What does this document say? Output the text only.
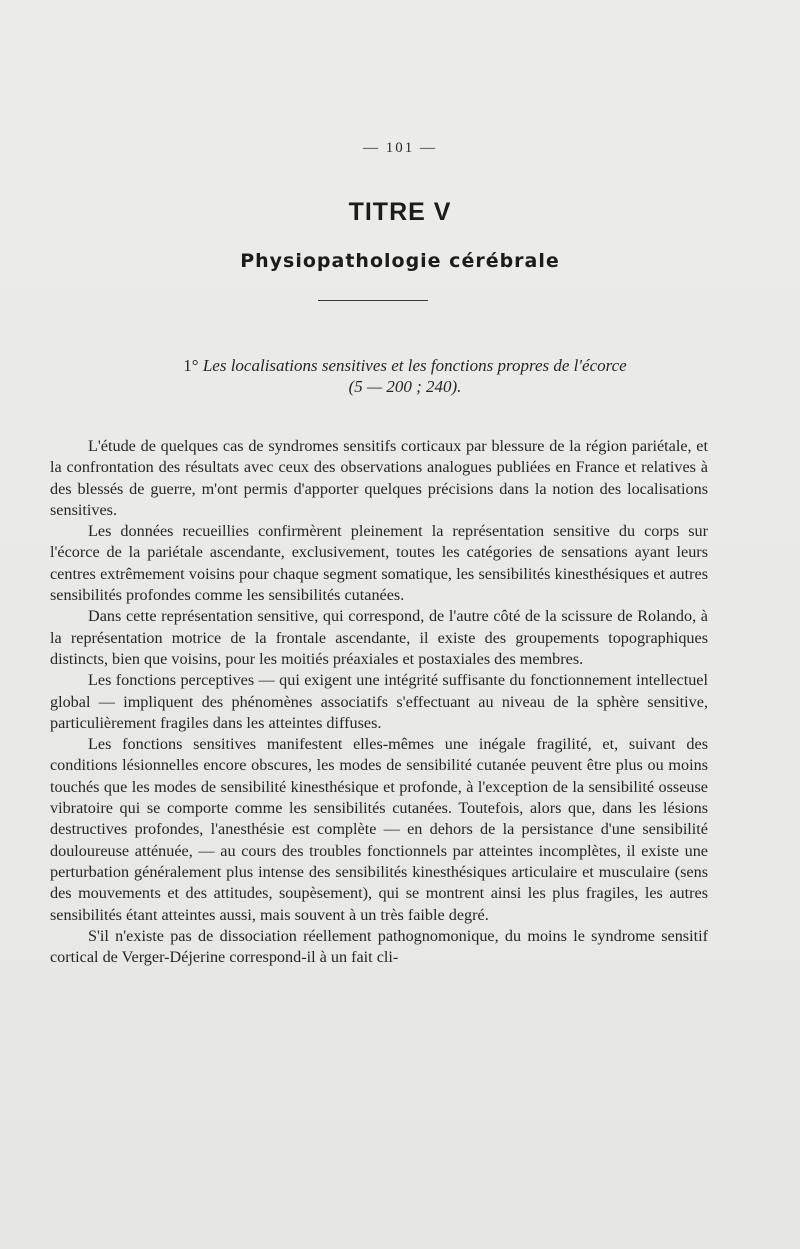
— 101 —
TITRE V
Physiopathologie cérébrale
1° Les localisations sensitives et les fonctions propres de l'écorce
(5 — 200 ; 240).

L'étude de quelques cas de syndromes sensitifs corticaux par blessure de la région pariétale, et la confrontation des résultats avec ceux des observations analogues publiées en France et relatives à des blessés de guerre, m'ont permis d'apporter quelques précisions dans la notion des localisations sensitives.

Les données recueillies confirmèrent pleinement la représentation sensitive du corps sur l'écorce de la pariétale ascendante, exclusivement, toutes les catégories de sensations ayant leurs centres extrêmement voisins pour chaque segment somatique, les sensibilités kinesthésiques et autres sensibilités profondes comme les sensibilités cutanées.

Dans cette représentation sensitive, qui correspond, de l'autre côté de la scissure de Rolando, à la représentation motrice de la frontale ascendante, il existe des groupements topographiques distincts, bien que voisins, pour les moitiés préaxiales et postaxiales des membres.

Les fonctions perceptives — qui exigent une intégrité suffisante du fonctionnement intellectuel global — impliquent des phénomènes associatifs s'effectuant au niveau de la sphère sensitive, particulièrement fragiles dans les atteintes diffuses.

Les fonctions sensitives manifestent elles-mêmes une inégale fragilité, et, suivant des conditions lésionnelles encore obscures, les modes de sensibilité cutanée peuvent être plus ou moins touchés que les modes de sensibilité kinesthésique et profonde, à l'exception de la sensibilité osseuse vibratoire qui se comporte comme les sensibilités cutanées. Toutefois, alors que, dans les lésions destructives profondes, l'anesthésie est complète — en dehors de la persistance d'une sensibilité douloureuse atténuée, — au cours des troubles fonctionnels par atteintes incomplètes, il existe une perturbation généralement plus intense des sensibilités kinesthésiques articulaire et musculaire (sens des mouvements et des attitudes, soupèsement), qui se montrent ainsi les plus fragiles, les autres sensibilités étant atteintes aussi, mais souvent à un très faible degré.

S'il n'existe pas de dissociation réellement pathognomonique, du moins le syndrome sensitif cortical de Verger-Déjerine correspond-il à un fait cli-
